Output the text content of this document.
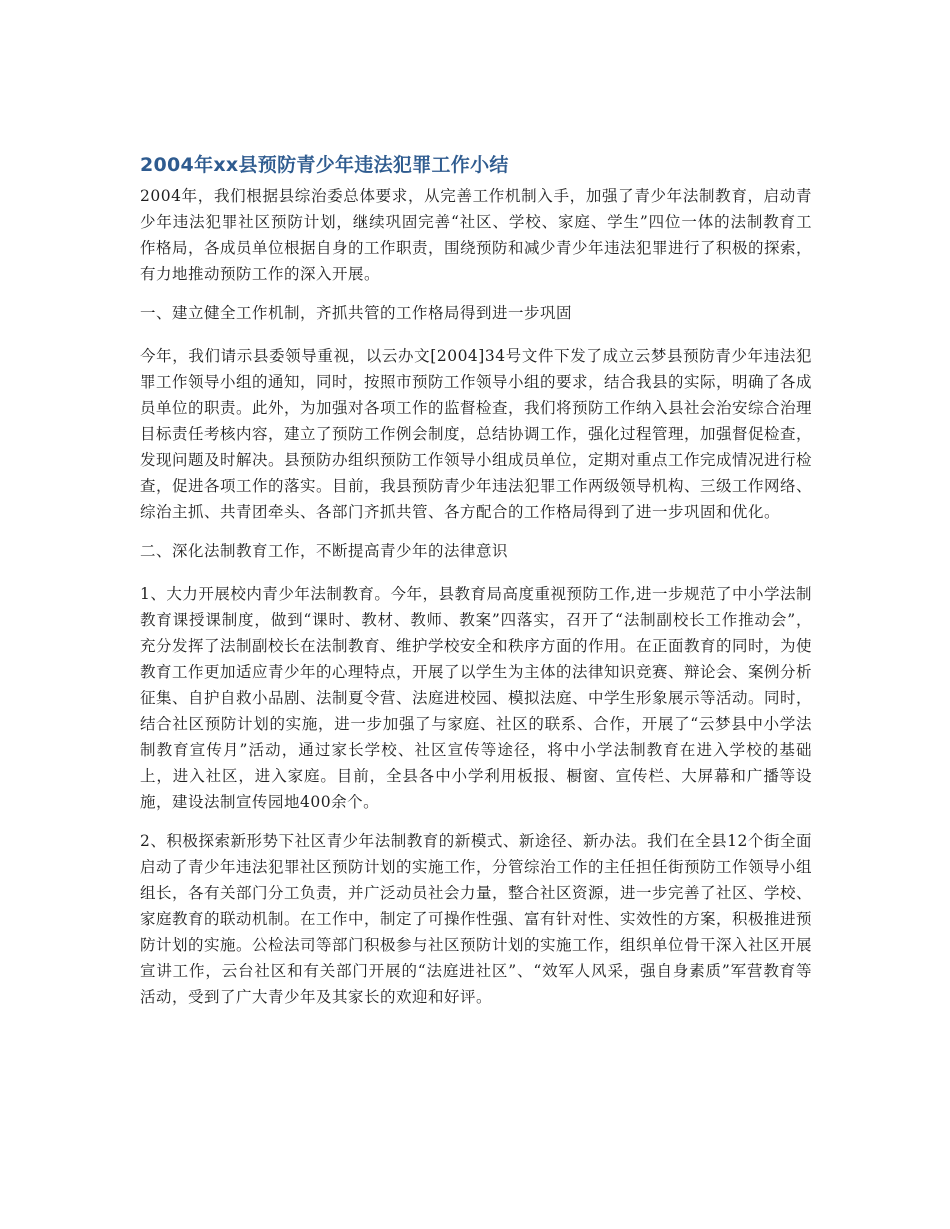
2004年xx县预防青少年违法犯罪工作小结

2004年，我们根据县综治委总体要求，从完善工作机制入手，加强了青少年法制教育，启动青少年违法犯罪社区预防计划，继续巩固完善“社区、学校、家庭、学生”四位一体的法制教育工作格局，各成员单位根据自身的工作职责，围绕预防和减少青少年违法犯罪进行了积极的探索，有力地推动预防工作的深入开展。

一、建立健全工作机制，齐抓共管的工作格局得到进一步巩固

今年，我们请示县委领导重视，以云办文[2004]34号文件下发了成立云梦县预防青少年违法犯罪工作领导小组的通知，同时，按照市预防工作领导小组的要求，结合我县的实际，明确了各成员单位的职责。此外，为加强对各项工作的监督检查，我们将预防工作纳入县社会治安综合治理目标责任考核内容，建立了预防工作例会制度，总结协调工作，强化过程管理，加强督促检查，发现问题及时解决。县预防办组织预防工作领导小组成员单位，定期对重点工作完成情况进行检查，促进各项工作的落实。目前，我县预防青少年违法犯罪工作两级领导机构、三级工作网络、综治主抓、共青团牵头、各部门齐抓共管、各方配合的工作格局得到了进一步巩固和优化。

二、深化法制教育工作，不断提高青少年的法律意识

1、大力开展校内青少年法制教育。今年，县教育局高度重视预防工作,进一步规范了中小学法制教育课授课制度，做到“课时、教材、教师、教案”四落实，召开了“法制副校长工作推动会”，充分发挥了法制副校长在法制教育、维护学校安全和秩序方面的作用。在正面教育的同时，为使教育工作更加适应青少年的心理特点，开展了以学生为主体的法律知识竞赛、辩论会、案例分析征集、自护自救小品剧、法制夏令营、法庭进校园、模拟法庭、中学生形象展示等活动。同时，结合社区预防计划的实施，进一步加强了与家庭、社区的联系、合作，开展了“云梦县中小学法制教育宣传月”活动，通过家长学校、社区宣传等途径，将中小学法制教育在进入学校的基础上，进入社区，进入家庭。目前，全县各中小学利用板报、橱窗、宣传栏、大屏幕和广播等设施，建设法制宣传园地400余个。

2、积极探索新形势下社区青少年法制教育的新模式、新途径、新办法。我们在全县12个街全面启动了青少年违法犯罪社区预防计划的实施工作，分管综治工作的主任担任街预防工作领导小组组长，各有关部门分工负责，并广泛动员社会力量，整合社区资源，进一步完善了社区、学校、家庭教育的联动机制。在工作中，制定了可操作性强、富有针对性、实效性的方案，积极推进预防计划的实施。公检法司等部门积极参与社区预防计划的实施工作，组织单位骨干深入社区开展宣讲工作，云台社区和有关部门开展的“法庭进社区”、“效军人风采，强自身素质”军营教育等活动，受到了广大青少年及其家长的欢迎和好评。
